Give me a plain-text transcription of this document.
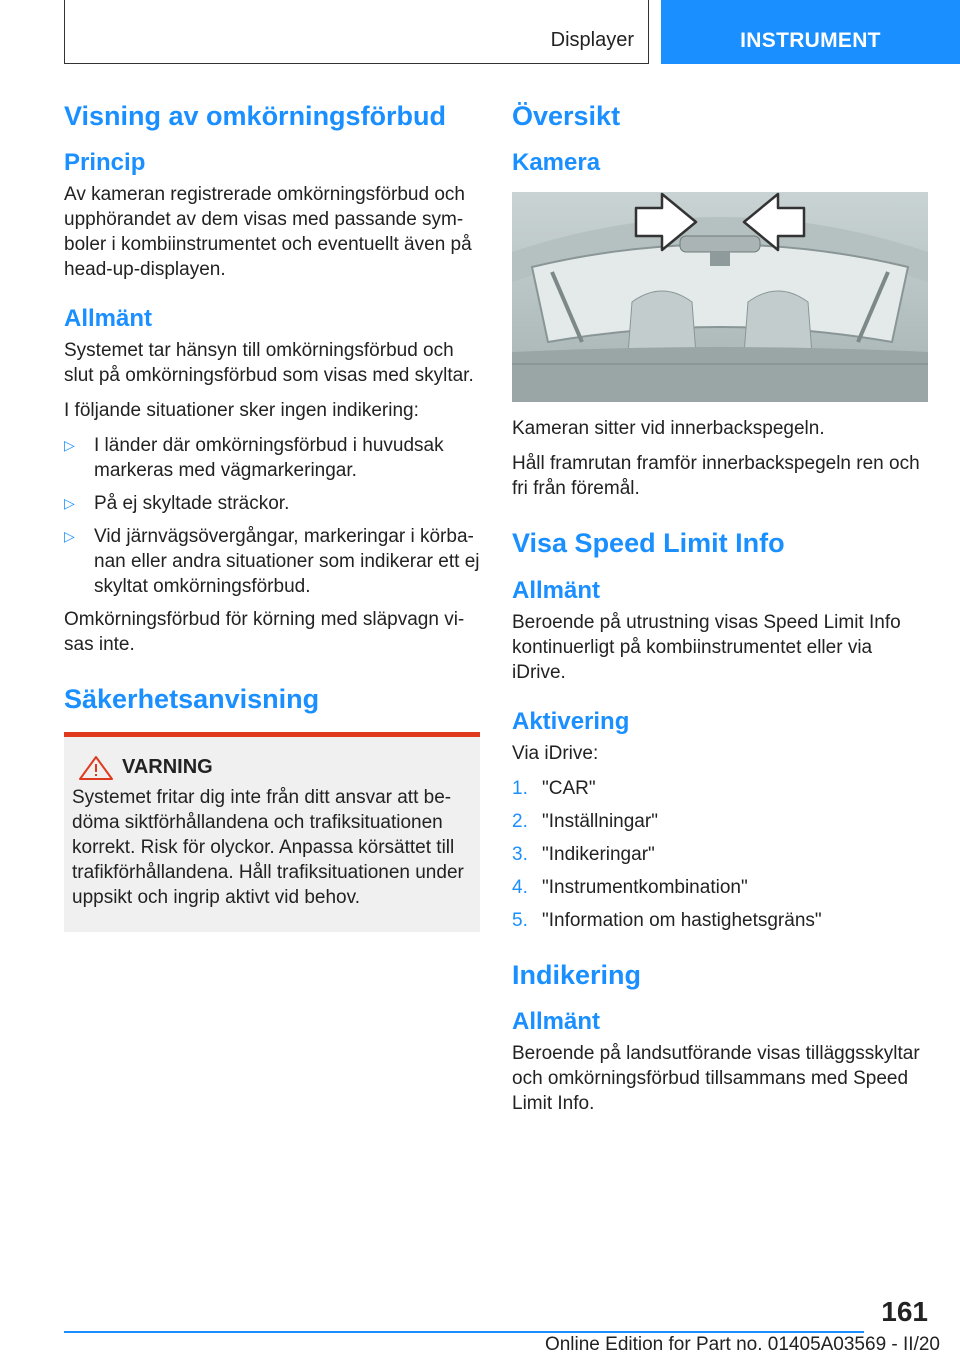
Displayer	INSTRUMENT
Visning av omkörningsförbud
Princip

Av kameran registrerade omkörningsförbud och upphörandet av dem visas med passande symboler i kombiinstrumentet och eventuellt även på head-up-displayen.

Allmänt

Systemet tar hänsyn till omkörningsförbud och slut på omkörningsförbud som visas med skyltar.

I följande situationer sker ingen indikering:

▷ I länder där omkörningsförbud i huvudsak markeras med vägmarkeringar.
▷ På ej skyltade sträckor.
▷ Vid järnvägsövergångar, markeringar i körbanan eller andra situationer som indikerar ett ej skyltat omkörningsförbud.

Omkörningsförbud för körning med släpvagn visas inte.

Säkerhetsanvisning
VARNING

Systemet fritar dig inte från ditt ansvar att bedöma siktförhållandena och trafiksituationen korrekt. Risk för olyckor. Anpassa körsättet till trafikförhållandena. Håll trafiksituationen under uppsikt och ingrip aktivt vid behov.

Översikt
Kamera

Kameran sitter vid innerbackspegeln.

Håll framrutan framför innerbackspegeln ren och fri från föremål.

Visa Speed Limit Info
Allmänt

Beroende på utrustning visas Speed Limit Info kontinuerligt på kombiinstrumentet eller via iDrive.

Aktivering

Via iDrive:

1. "CAR"
2. "Inställningar"
3. "Indikeringar"
4. "Instrumentkombination"
5. "Information om hastighetsgräns"
Indikering
Allmänt

Beroende på landsutförande visas tilläggsskyltar och omkörningsförbud tillsammans med Speed Limit Info.

161
Online Edition for Part no. 01405A03569 - II/20
